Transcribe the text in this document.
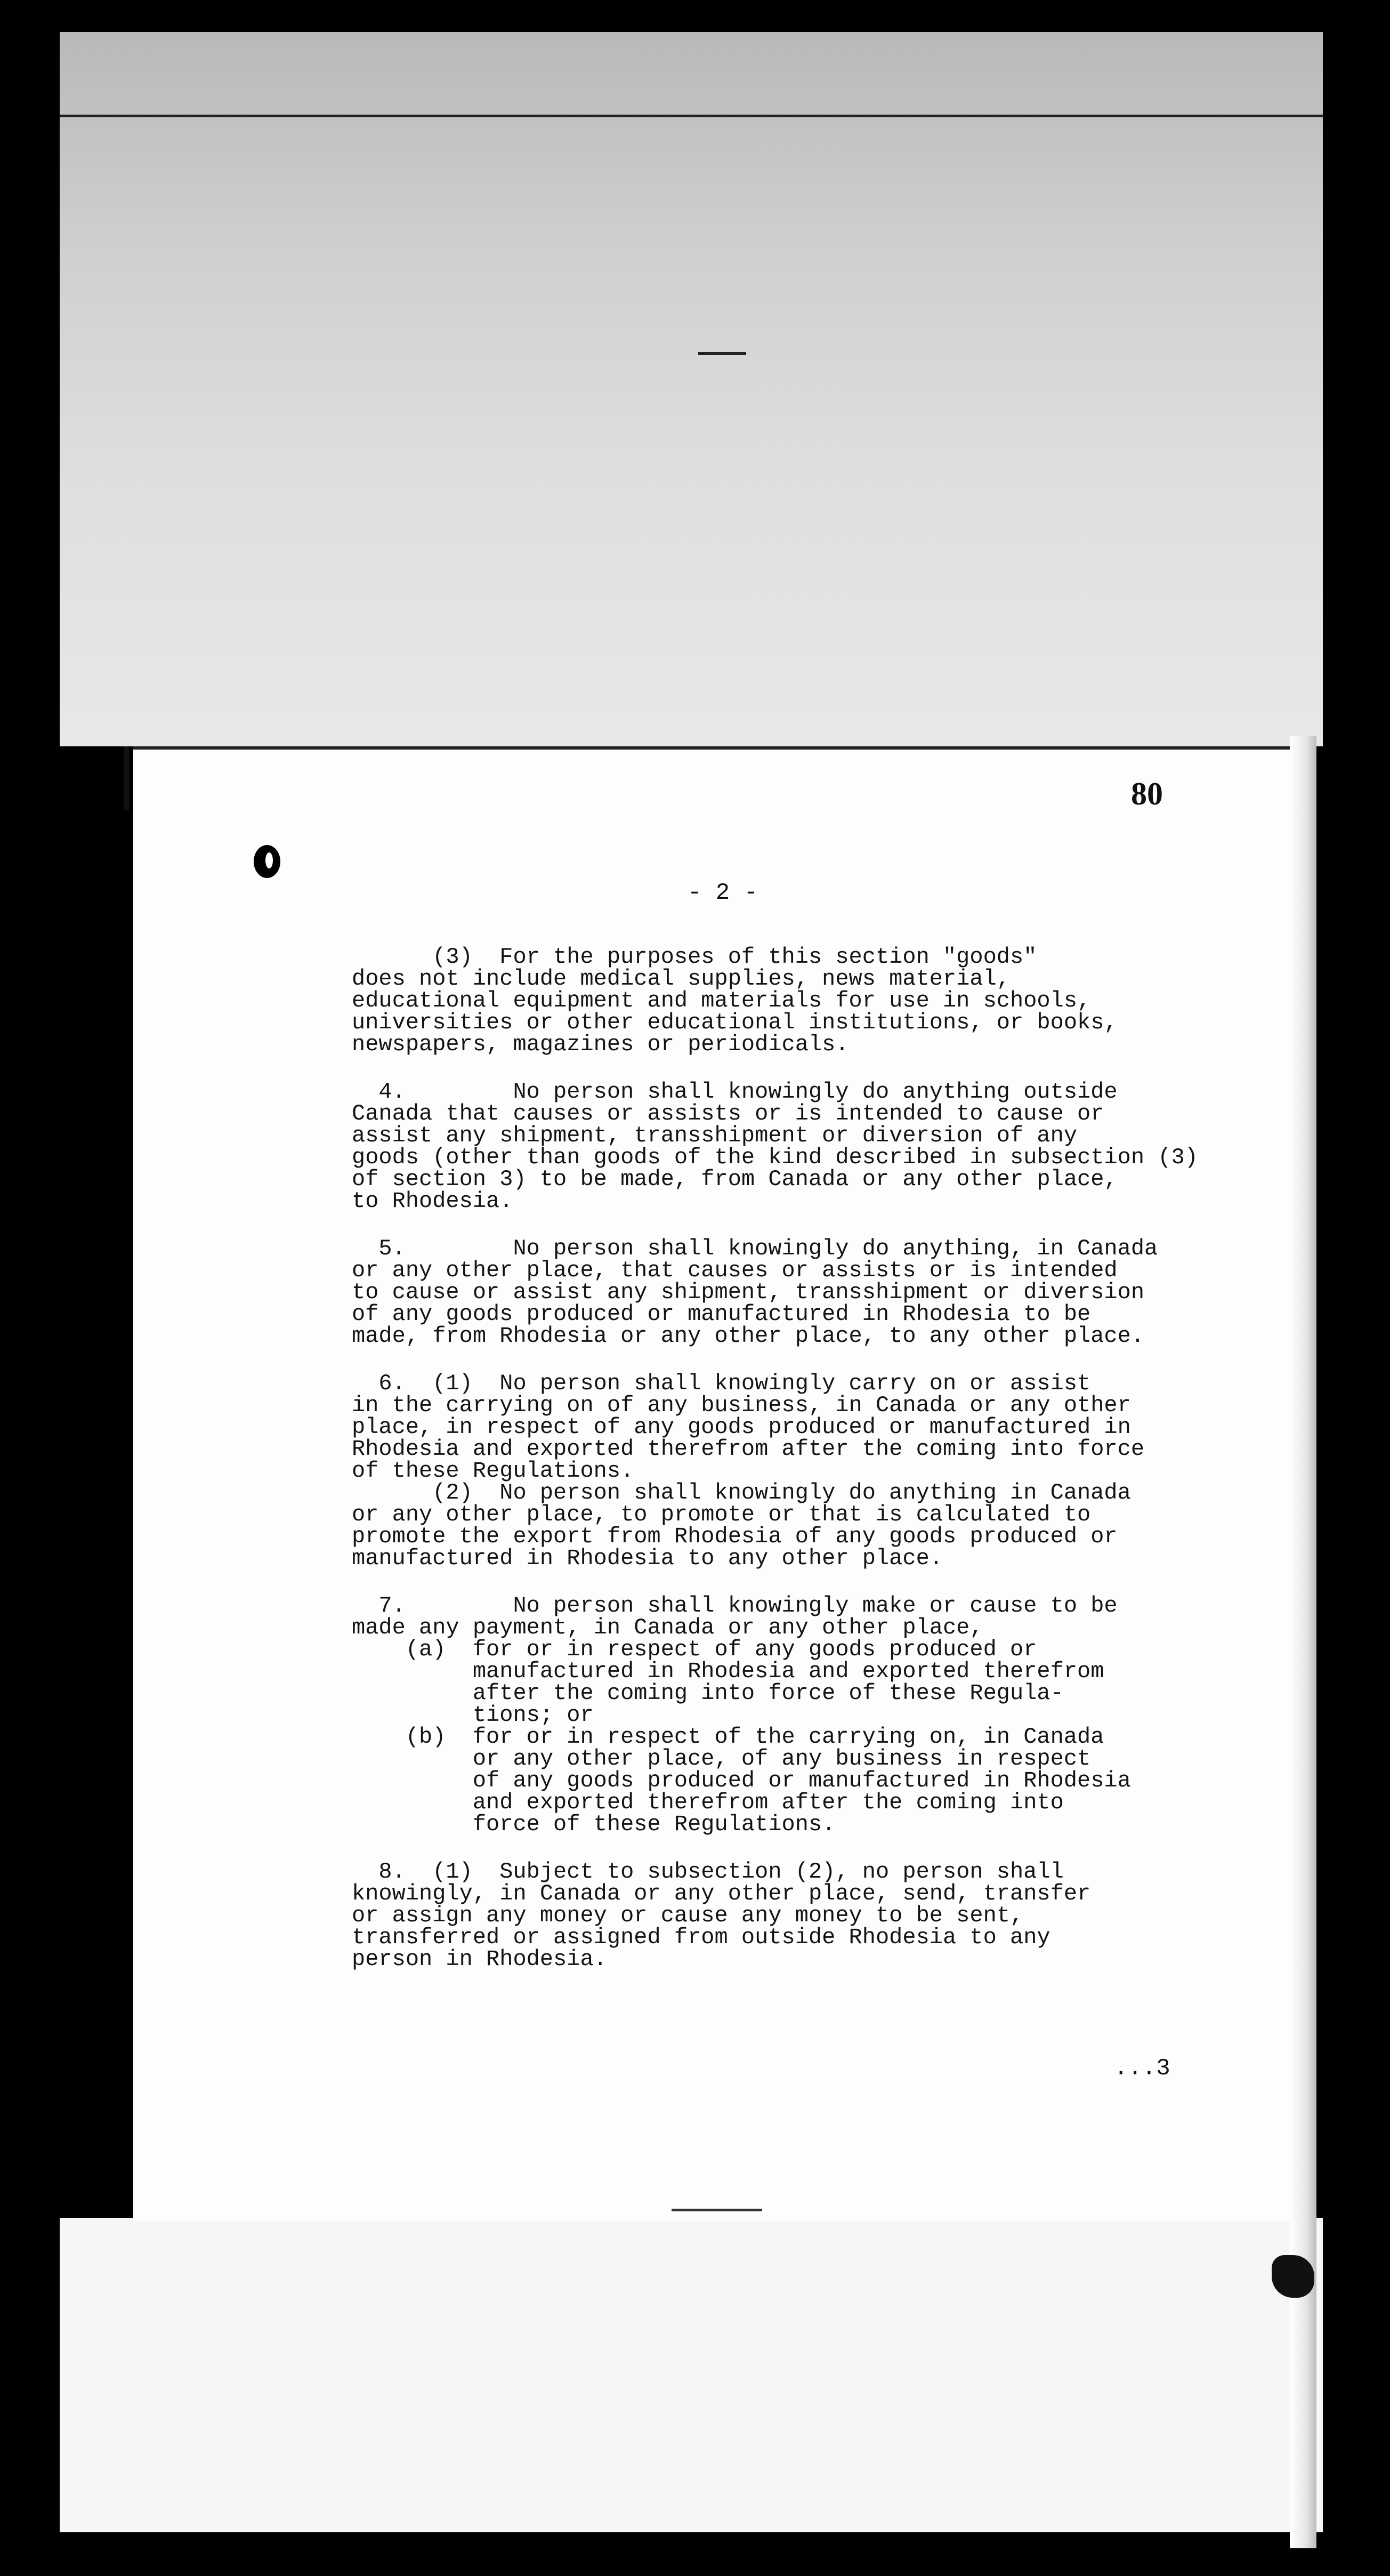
80
- 2 -
(3)  For the purposes of this section "goods"
does not include medical supplies, news material,
educational equipment and materials for use in schools,
universities or other educational institutions, or books,
newspapers, magazines or periodicals.
4.        No person shall knowingly do anything outside
Canada that causes or assists or is intended to cause or
assist any shipment, transshipment or diversion of any
goods (other than goods of the kind described in subsection (3)
of section 3) to be made, from Canada or any other place,
to Rhodesia.
5.        No person shall knowingly do anything, in Canada
or any other place, that causes or assists or is intended
to cause or assist any shipment, transshipment or diversion
of any goods produced or manufactured in Rhodesia to be
made, from Rhodesia or any other place, to any other place.
6.  (1)  No person shall knowingly carry on or assist
in the carrying on of any business, in Canada or any other
place, in respect of any goods produced or manufactured in
Rhodesia and exported therefrom after the coming into force
of these Regulations.
(2)  No person shall knowingly do anything in Canada
or any other place, to promote or that is calculated to
promote the export from Rhodesia of any goods produced or
manufactured in Rhodesia to any other place.
7.        No person shall knowingly make or cause to be
made any payment, in Canada or any other place,
(a)  for or in respect of any goods produced or
manufactured in Rhodesia and exported therefrom
after the coming into force of these Regula-
tions; or
(b)  for or in respect of the carrying on, in Canada
or any other place, of any business in respect
of any goods produced or manufactured in Rhodesia
and exported therefrom after the coming into
force of these Regulations.
8.  (1)  Subject to subsection (2), no person shall
knowingly, in Canada or any other place, send, transfer
or assign any money or cause any money to be sent,
transferred or assigned from outside Rhodesia to any
person in Rhodesia.
...3
